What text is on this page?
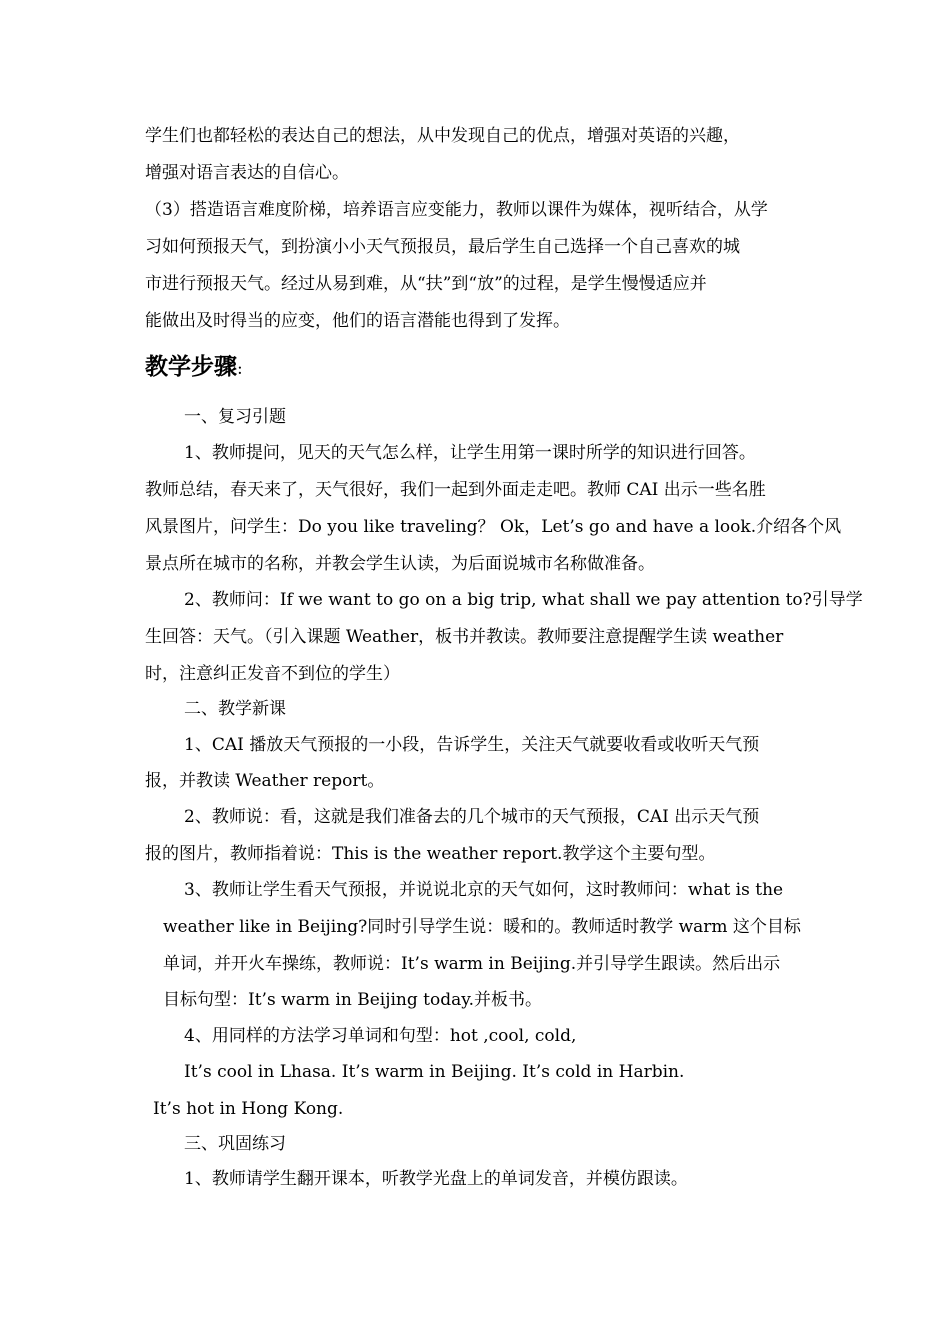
学生们也都轻松的表达自己的想法，从中发现自己的优点，增强对英语的兴趣，
增强对语言表达的自信心。
（3）搭造语言难度阶梯，培养语言应变能力，教师以课件为媒体，视听结合，从学
习如何预报天气，到扮演小小天气预报员，最后学生自己选择一个自己喜欢的城
市进行预报天气。经过从易到难，从“扶”到“放”的过程，是学生慢慢适应并
能做出及时得当的应变，他们的语言潜能也得到了发挥。
教学步骤:
一、复习引题
1、教师提问，见天的天气怎么样，让学生用第一课时所学的知识进行回答。
教师总结，春天来了，天气很好，我们一起到外面走走吧。教师 CAI 出示一些名胜
风景图片，问学生：Do you like traveling？ Ok，Let’s go and have a look.介绍各个风
景点所在城市的名称，并教会学生认读，为后面说城市名称做准备。
2、教师问：If we want to go on a big trip, what shall we pay attention to?引导学
生回答：天气。（引入课题 Weather，板书并教读。教师要注意提醒学生读 weather
时，注意纠正发音不到位的学生）
二、教学新课
1、CAI 播放天气预报的一小段，告诉学生，关注天气就要收看或收听天气预
报，并教读 Weather report。
2、教师说：看，这就是我们准备去的几个城市的天气预报，CAI 出示天气预
报的图片，教师指着说：This is the weather report.教学这个主要句型。
3、教师让学生看天气预报，并说说北京的天气如何，这时教师问：what is the
weather like in Beijing?同时引导学生说：暖和的。教师适时教学 warm 这个目标
单词，并开火车操练，教师说：It’s warm in Beijing.并引导学生跟读。然后出示
目标句型：It’s warm in Beijing today.并板书。
4、用同样的方法学习单词和句型：hot ,cool, cold,
It’s cool in Lhasa. It’s warm in Beijing. It’s cold in Harbin.
It’s hot in Hong Kong.
三、巩固练习
1、教师请学生翻开课本，听教学光盘上的单词发音，并模仿跟读。
